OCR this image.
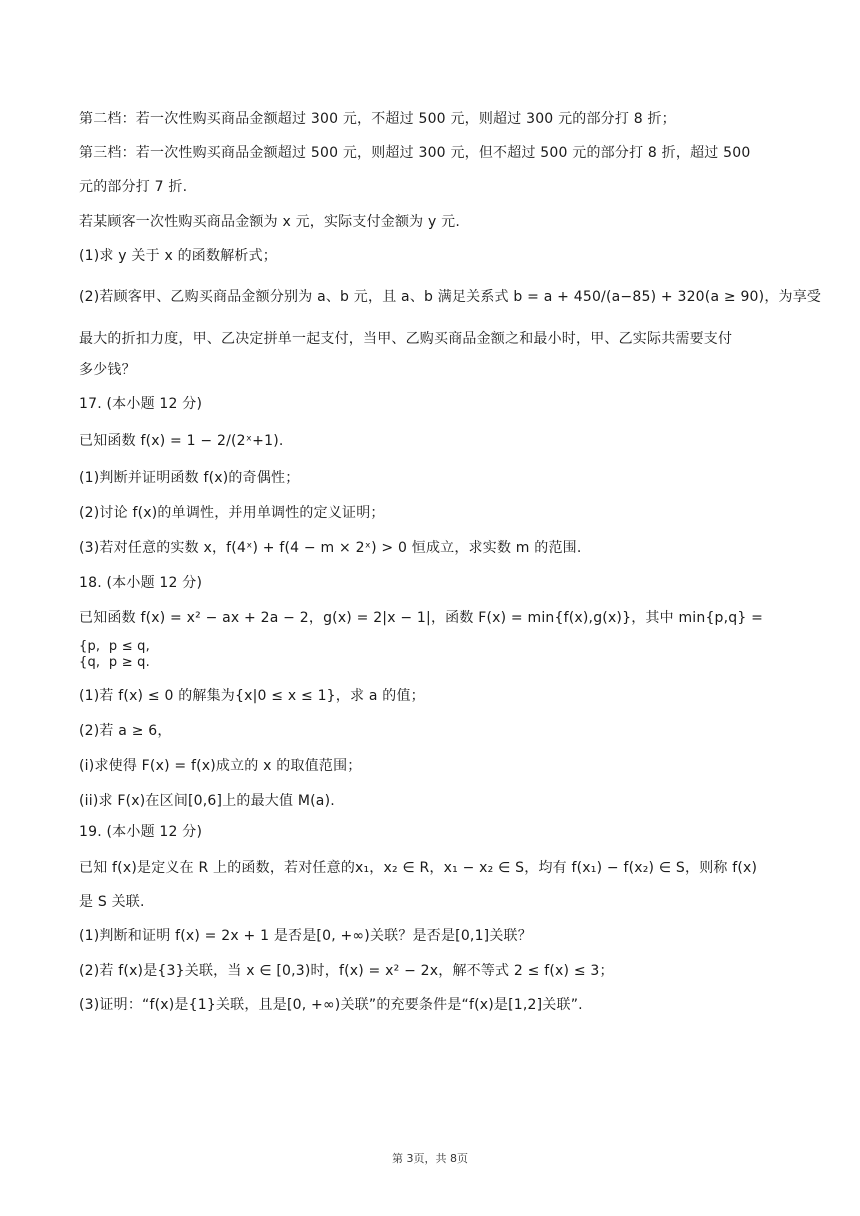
第二档：若一次性购买商品金额超过 300 元，不超过 500 元，则超过 300 元的部分打 8 折；
第三档：若一次性购买商品金额超过 500 元，则超过 300 元，但不超过 500 元的部分打 8 折，超过 500
元的部分打 7 折.
若某顾客一次性购买商品金额为 x 元，实际支付金额为 y 元.
(1)求 y 关于 x 的函数解析式；
(2)若顾客甲、乙购买商品金额分别为 a、b 元，且 a、b 满足关系式 b = a + 450/(a−85) + 320(a ≥ 90)，为享受
最大的折扣力度，甲、乙决定拼单一起支付，当甲、乙购买商品金额之和最小时，甲、乙实际共需要支付
多少钱？
17. (本小题 12 分)
已知函数 f(x) = 1 − 2/(2ˣ+1).
(1)判断并证明函数 f(x)的奇偶性；
(2)讨论 f(x)的单调性，并用单调性的定义证明；
(3)若对任意的实数 x，f(4ˣ) + f(4 − m × 2ˣ) > 0 恒成立，求实数 m 的范围.
18. (本小题 12 分)
已知函数 f(x) = x² − ax + 2a − 2，g(x) = 2|x − 1|，函数 F(x) = min{f(x),g(x)}，其中 min{p,q} =
{p,  p ≤ q,
{q,  p ≥ q.
(1)若 f(x) ≤ 0 的解集为{x|0 ≤ x ≤ 1}，求 a 的值；
(2)若 a ≥ 6，
(i)求使得 F(x) = f(x)成立的 x 的取值范围；
(ii)求 F(x)在区间[0,6]上的最大值 M(a).
19. (本小题 12 分)
已知 f(x)是定义在 R 上的函数，若对任意的x₁，x₂ ∈ R，x₁ − x₂ ∈ S，均有 f(x₁) − f(x₂) ∈ S，则称 f(x)
是 S 关联.
(1)判断和证明 f(x) = 2x + 1 是否是[0, +∞)关联？是否是[0,1]关联？
(2)若 f(x)是{3}关联，当 x ∈ [0,3)时，f(x) = x² − 2x，解不等式 2 ≤ f(x) ≤ 3；
(3)证明：“f(x)是{1}关联，且是[0, +∞)关联”的充要条件是“f(x)是[1,2]关联”.
第 3页，共 8页
